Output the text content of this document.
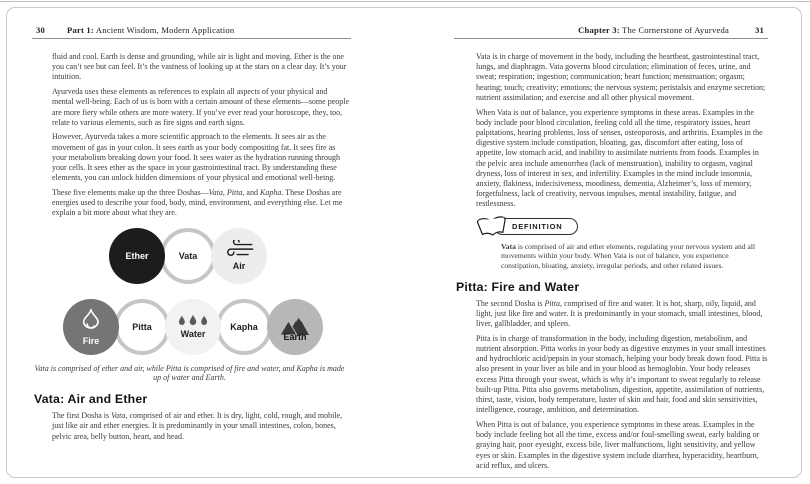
30	Part 1: Ancient Wisdom, Modern Application

fluid and cool. Earth is dense and grounding, while air is light and moving. Ether is the one you can’t see but can feel. It’s the vastness of looking up at the stars on a clear day. It’s your intuition.

Ayurveda uses these elements as references to explain all aspects of your physical and mental well-being. Each of us is born with a certain amount of these elements—some people are more fiery while others are more watery. If you’ve ever read your horoscope, they, too, relate to various elements, such as fire signs and earth signs.

However, Ayurveda takes a more scientific approach to the elements. It sees air as the movement of gas in your colon. It sees earth as your body compositing fat. It sees fire as your metabolism breaking down your food. It sees water as the hydration running through your cells. It sees ether as the space in your gastrointestinal tract. By understanding these elements, you can unlock hidden dimensions of your physical and emotional well-being.

These five elements make up the three Doshas—Vata, Pitta, and Kapha. These Doshas are energies used to describe your food, body, mind, environment, and everything else. Let me explain a bit more about what they are.

Vata
Ether
Air
Pitta	Kapha
Fire
Water	Earth

Vata is comprised of ether and air, while Pitta is comprised of fire and water, and Kapha is made up of water and Earth.

Vata: Air and Ether

The first Dosha is Vata, comprised of air and ether. It is dry, light, cold, rough, and mobile, just like air and ether energies. It is predominantly in your small intestines, colon, bones, pelvic area, belly button, heart, and head.

Chapter 3: The Cornerstone of Ayurveda	31

Vata is in charge of movement in the body, including the heartbeat, gastrointestinal tract, lungs, and diaphragm. Vata governs blood circulation; elimination of feces, urine, and sweat; respiration; ingestion; communication; heart function; menstruation; orgasm; hearing; touch; creativity; emotions; the nervous system; peristalsis and enzyme secretion; nutrient assimilation; and exercise and all other physical movement.

When Vata is out of balance, you experience symptoms in these areas. Examples in the body include poor blood circulation, feeling cold all the time, respiratory issues, heart palpitations, hearing problems, loss of senses, osteoporosis, and arthritis. Examples in the digestive system include constipation, bloating, gas, discomfort after eating, loss of appetite, low stomach acid, and inability to assimilate nutrients from foods. Examples in the pelvic area include amenorrhea (lack of menstruation), inability to orgasm, vaginal dryness, loss of interest in sex, and infertility. Examples in the mind include insomnia, anxiety, flakiness, indecisiveness, moodiness, dementia, Alzheimer’s, loss of memory, forgetfulness, lack of creativity, nervous impulses, mental instability, fatigue, and restlessness.

DEFINITION

Vata is comprised of air and ether elements, regulating your nervous system and all movements within your body. When Vata is out of balance, you experience constipation, bloating, anxiety, irregular periods, and other related issues.

Pitta: Fire and Water

The second Dosha is Pitta, comprised of fire and water. It is hot, sharp, oily, liquid, and light, just like fire and water. It is predominantly in your stomach, small intestines, blood, liver, gallbladder, and spleen.

Pitta is in charge of transformation in the body, including digestion, metabolism, and nutrient absorption. Pitta works in your body as digestive enzymes in your small intestines and hydrochloric acid/pepsin in your stomach, helping your body break down food. Pitta is also present in your liver as bile and in your blood as hemoglobin. Your body releases excess Pitta through your sweat, which is why it’s important to sweat regularly to release built-up Pitta. Pitta also governs metabolism, digestion, appetite, assimilation of nutrients, thirst, taste, vision, body temperature, luster of skin and hair, food and skin sensitivities, intelligence, courage, ambition, and determination.

When Pitta is out of balance, you experience symptoms in these areas. Examples in the body include feeling hot all the time, excess and/or foul-smelling sweat, early balding or graying hair, poor eyesight, excess bile, liver malfunctions, light sensitivity, and yellow eyes or skin. Examples in the digestive system include diarrhea, hyperacidity, heartburn, acid reflux, and ulcers.
